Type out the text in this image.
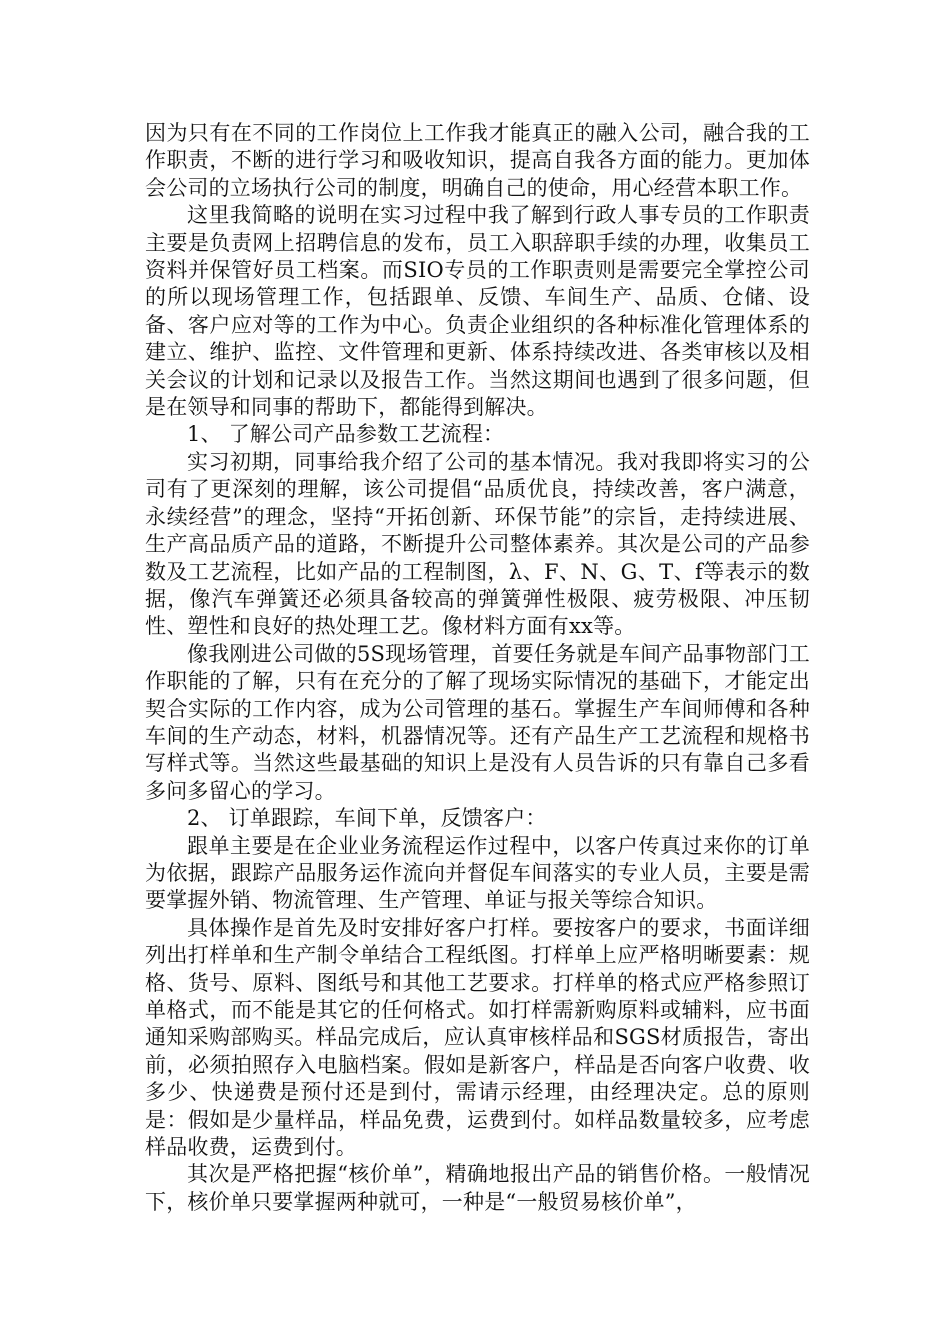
因为只有在不同的工作岗位上工作我才能真正的融入公司，融合我的工作职责，不断的进行学习和吸收知识，提高自我各方面的能力。更加体会公司的立场执行公司的制度，明确自己的使命，用心经营本职工作。

这里我简略的说明在实习过程中我了解到行政人事专员的工作职责主要是负责网上招聘信息的发布，员工入职辞职手续的办理，收集员工资料并保管好员工档案。而SIO专员的工作职责则是需要完全掌控公司的所以现场管理工作，包括跟单、反馈、车间生产、品质、仓储、设备、客户应对等的工作为中心。负责企业组织的各种标准化管理体系的建立、维护、监控、文件管理和更新、体系持续改进、各类审核以及相关会议的计划和记录以及报告工作。当然这期间也遇到了很多问题，但是在领导和同事的帮助下，都能得到解决。

1、 了解公司产品参数工艺流程：

实习初期，同事给我介绍了公司的基本情况。我对我即将实习的公司有了更深刻的理解，该公司提倡“品质优良，持续改善，客户满意，永续经营”的理念，坚持“开拓创新、环保节能”的宗旨，走持续进展、生产高品质产品的道路，不断提升公司整体素养。其次是公司的产品参数及工艺流程，比如产品的工程制图，λ、F、N、G、T、f等表示的数据，像汽车弹簧还必须具备较高的弹簧弹性极限、疲劳极限、冲压韧性、塑性和良好的热处理工艺。像材料方面有xx等。

像我刚进公司做的5S现场管理，首要任务就是车间产品事物部门工作职能的了解，只有在充分的了解了现场实际情况的基础下，才能定出契合实际的工作内容，成为公司管理的基石。掌握生产车间师傅和各种车间的生产动态，材料，机器情况等。还有产品生产工艺流程和规格书写样式等。当然这些最基础的知识上是没有人员告诉的只有靠自己多看多问多留心的学习。

2、 订单跟踪，车间下单，反馈客户：

跟单主要是在企业业务流程运作过程中，以客户传真过来你的订单为依据，跟踪产品服务运作流向并督促车间落实的专业人员，主要是需要掌握外销、物流管理、生产管理、单证与报关等综合知识。

具体操作是首先及时安排好客户打样。要按客户的要求，书面详细列出打样单和生产制令单结合工程纸图。打样单上应严格明晰要素：规格、货号、原料、图纸号和其他工艺要求。打样单的格式应严格参照订单格式，而不能是其它的任何格式。如打样需新购原料或辅料，应书面通知采购部购买。样品完成后，应认真审核样品和SGS材质报告，寄出前，必须拍照存入电脑档案。假如是新客户，样品是否向客户收费、收多少、快递费是预付还是到付，需请示经理，由经理决定。总的原则是：假如是少量样品，样品免费，运费到付。如样品数量较多，应考虑样品收费，运费到付。

其次是严格把握“核价单”，精确地报出产品的销售价格。一般情况下，核价单只要掌握两种就可，一种是“一般贸易核价单”，
